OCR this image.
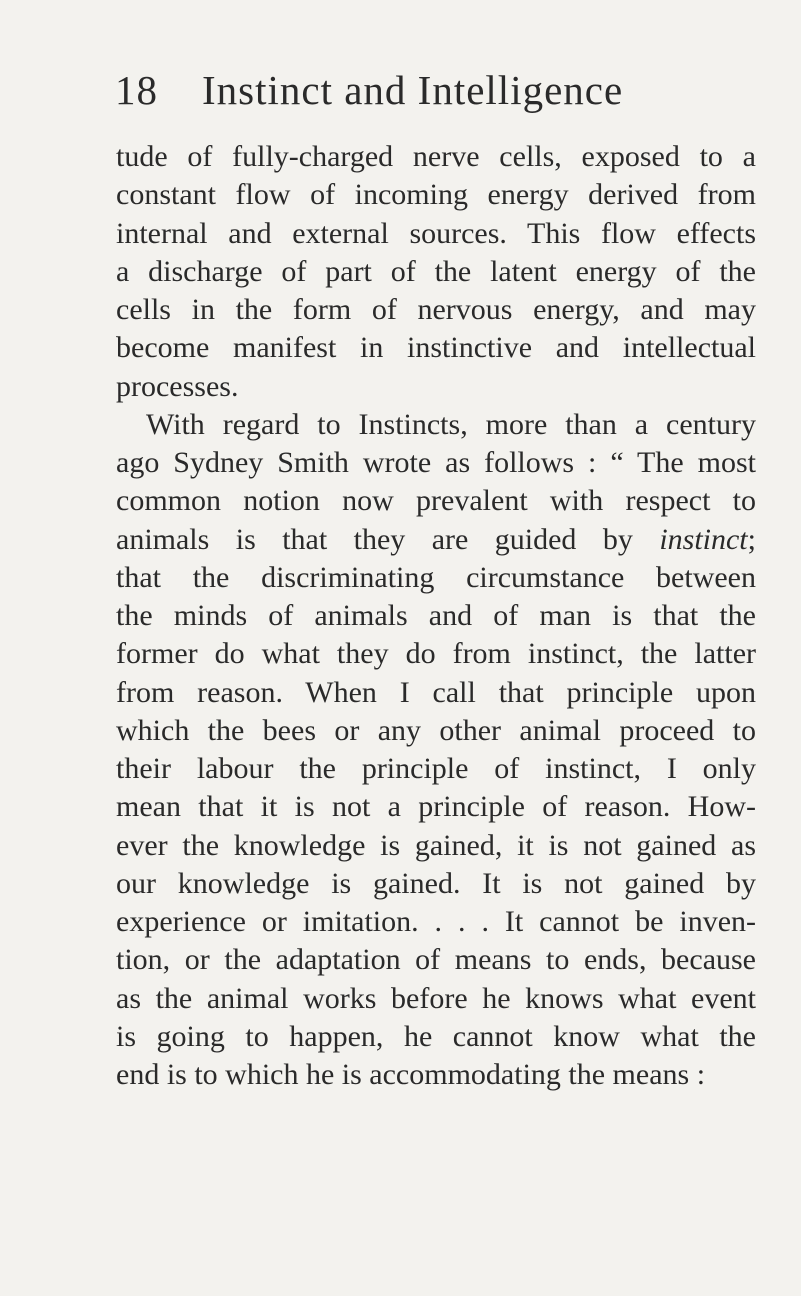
18 Instinct and Intelligence
tude of fully-charged nerve cells, exposed to a
constant flow of incoming energy derived from
internal and external sources. This flow effects
a discharge of part of the latent energy of the
cells in the form of nervous energy, and may
become manifest in instinctive and intellectual
processes.
With regard to Instincts, more than a century
ago Sydney Smith wrote as follows : “ The most
common notion now prevalent with respect to
animals is that they are guided by instinct;
that the discriminating circumstance between
the minds of animals and of man is that the
former do what they do from instinct, the latter
from reason. When I call that principle upon
which the bees or any other animal proceed to
their labour the principle of instinct, I only
mean that it is not a principle of reason. How-
ever the knowledge is gained, it is not gained as
our knowledge is gained. It is not gained by
experience or imitation. . . . It cannot be inven-
tion, or the adaptation of means to ends, because
as the animal works before he knows what event
is going to happen, he cannot know what the
end is to which he is accommodating the means :
